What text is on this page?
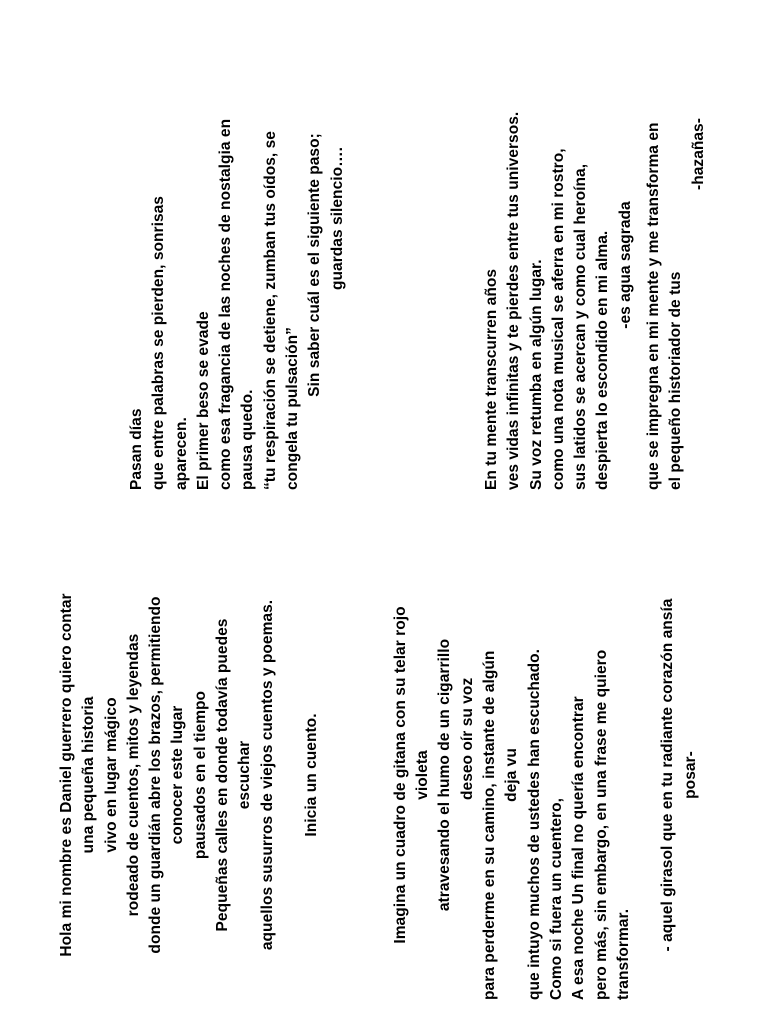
Hola mi nombre es Daniel guerrero quiero contar una pequeña historia vivo en lugar mágico rodeado de cuentos, mitos y leyendas donde un guardián abre los brazos, permitiendo conocer este lugar pausados en el tiempo Pequeñas calles en donde todavía puedes escuchar aquellos susurros de viejos cuentos y poemas. Inicia un cuento.	Imagina un cuadro de gitana con su telar rojo violeta atravesando el humo de un cigarrillo deseo oír su voz para perderme en su camino, instante de algún deja vu que intuyo muchos de ustedes han escuchado. Como si fuera un cuentero, A esa noche Un final no quería encontrar pero más, sin embargo, en una frase me quiero transformar.
- aquel girasol que en tu radiante corazón ansía posar-
Pasan días que entre palabras se pierden, sonrisas aparecen. El primer beso se evade como esa fragancia de las noches de nostalgia en pausa quedo. “tu respiración se detiene, zumban tus oídos, se congela tu pulsación”
Sin saber cuál es el siguiente paso; guardas silencio….
En tu mente transcurren años ves vidas infinitas y te pierdes entre tus universos. Su voz retumba en algún lugar. como una nota musical se aferra en mi rostro, sus latidos se acercan y como cual heroína, despierta lo escondido en mi alma. -es agua sagrada que se impregna en mi mente y me transforma en el pequeño historiador de tus
-hazañas-
